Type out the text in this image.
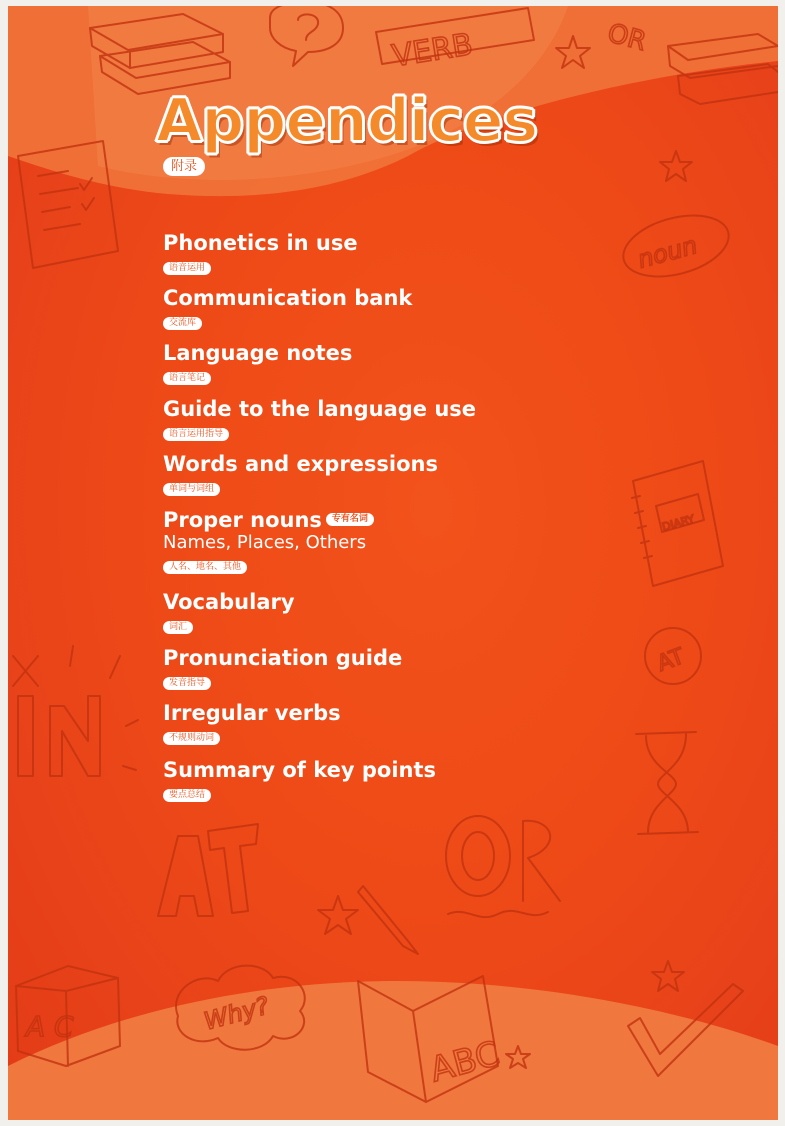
VERB	OR
noun
DIARY
AT
Why?
ABC
A C
Appendices
附录
Phonetics in use
语音运用
Communication bank
交流库
Language notes
语言笔记
Guide to the language use
语言运用指导
Words and expressions
单词与词组
Proper nouns 专有名词
Names, Places, Others
人名、地名、其他
Vocabulary
词汇
Pronunciation guide
发音指导
Irregular verbs
不规则动词
Summary of key points
要点总结
